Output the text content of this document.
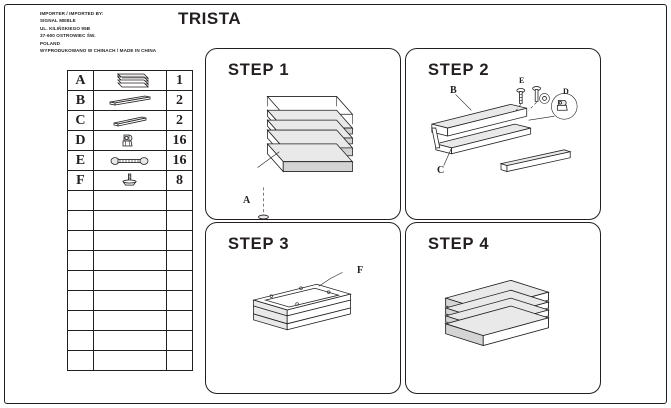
IMPORTER / IMPORTED BY:
SIGNAL MEBLE
UL. KILIŃSKIEGO 95B
37-600 OSTROWIEC ŚW.
POLAND
WYPRODUKOWANO W CHINACH / MADE IN CHINA
TRISTA
A		1
B		2
C		2
D		16
E		16
F		8

STEP 1
A
STEP 2
B
C
E
D
STEP 3
F
STEP 4
